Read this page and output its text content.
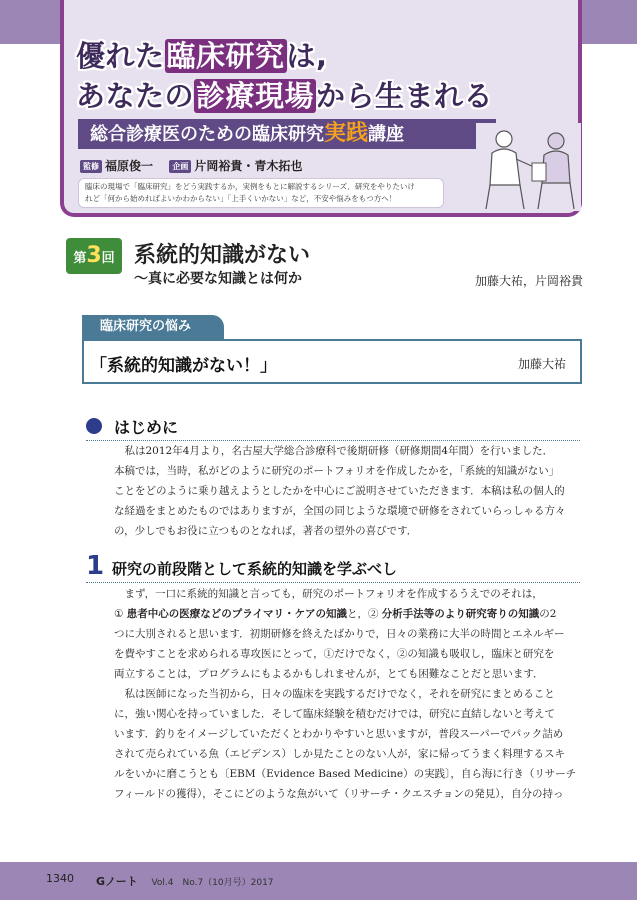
優れた臨床研究は,
あなたの診療現場から生まれる
総合診療医のための臨床研究実践講座
監修 福原俊一 企画 片岡裕貴・青木拓也
臨床の現場で「臨床研究」をどう実践するか，実例をもとに解説するシリーズ．研究をやりたいけ
れど「何から始めればよいかわからない」「上手くいかない」など，不安や悩みをもつ方へ！
第3回 系統的知識がない
〜真に必要な知識とは何か	加藤大祐，片岡裕貴
臨床研究の悩み
「系統的知識がない！」	加藤大祐
はじめに

私は2012年4月より，名古屋大学総合診療科で後期研修（研修期間4年間）を行いました．

本稿では，当時，私がどのように研究のポートフォリオを作成したかを，「系統的知識がない」

ことをどのように乗り越えようとしたかを中心にご説明させていただきます．本稿は私の個人的

な経過をまとめたものではありますが，全国の同じような環境で研修をされていらっしゃる方々

の，少しでもお役に立つものとなれば，著者の望外の喜びです．

1 研究の前段階として系統的知識を学ぶべし

まず，一口に系統的知識と言っても，研究のポートフォリオを作成するうえでのそれは，

① 患者中心の医療などのプライマリ・ケアの知識と，② 分析手法等のより研究寄りの知識の2

つに大別されると思います．初期研修を終えたばかりで，日々の業務に大半の時間とエネルギー

を費やすことを求められる専攻医にとって，①だけでなく，②の知識も吸収し，臨床と研究を

両立することは，プログラムにもよるかもしれませんが，とても困難なことだと思います．

　私は医師になった当初から，日々の臨床を実践するだけでなく，それを研究にまとめること

に，強い関心を持っていました．そして臨床経験を積むだけでは，研究に直結しないと考えて

います．釣りをイメージしていただくとわかりやすいと思いますが，普段スーパーでパック詰め

されて売られている魚（エビデンス）しか見たことのない人が，家に帰ってうまく料理するスキ

ルをいかに磨こうとも〔EBM（Evidence Based Medicine）の実践〕，自ら海に行き（リサーチ

フィールドの獲得），そこにどのような魚がいて（リサーチ・クエスチョンの発見），自分の持っ

1340 Gノート Vol.4　No.7（10月号）2017
